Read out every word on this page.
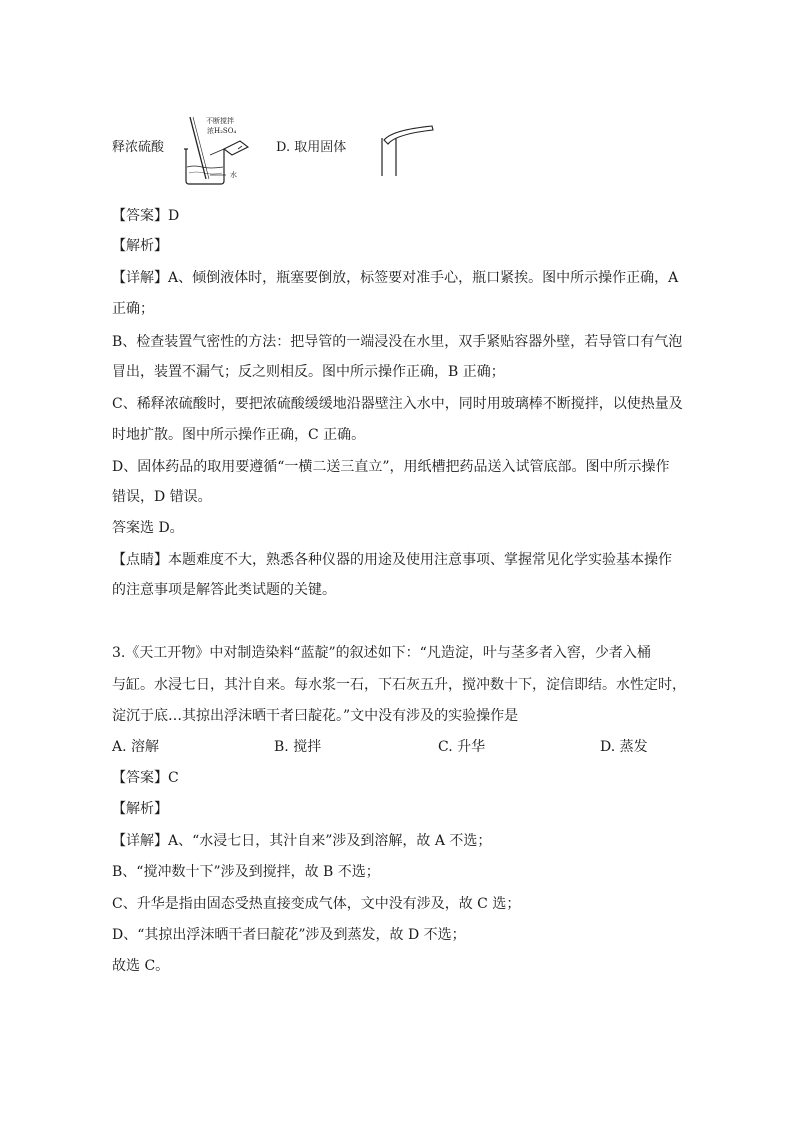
释浓硫酸
不断搅拌
浓H₂SO₄
水
D. 取用固体
【答案】D
【解析】
【详解】A、倾倒液体时，瓶塞要倒放，标签要对准手心，瓶口紧挨。图中所示操作正确，A
正确；
B、检查装置气密性的方法：把导管的一端浸没在水里，双手紧贴容器外壁，若导管口有气泡
冒出，装置不漏气；反之则相反。图中所示操作正确，B 正确；
C、稀释浓硫酸时，要把浓硫酸缓缓地沿器壁注入水中，同时用玻璃棒不断搅拌，以使热量及
时地扩散。图中所示操作正确，C 正确。
D、固体药品的取用要遵循“一横二送三直立”，用纸槽把药品送入试管底部。图中所示操作
错误，D 错误。
答案选 D。
【点睛】本题难度不大，熟悉各种仪器的用途及使用注意事项、掌握常见化学实验基本操作
的注意事项是解答此类试题的关键。
3.《天工开物》中对制造染料“蓝靛”的叙述如下：“凡造淀，叶与茎多者入窖，少者入桶
与缸。水浸七日，其汁自来。每水浆一石，下石灰五升，搅冲数十下，淀信即结。水性定时，
淀沉于底…其掠出浮沫晒干者曰靛花。”文中没有涉及的实验操作是
A. 溶解	B. 搅拌	C. 升华	D. 蒸发
【答案】C
【解析】
【详解】A、“水浸七日，其汁自来”涉及到溶解，故 A 不选；
B、“搅冲数十下”涉及到搅拌，故 B 不选；
C、升华是指由固态受热直接变成气体，文中没有涉及，故 C 选；
D、“其掠出浮沫晒干者曰靛花”涉及到蒸发，故 D 不选；
故选 C。
